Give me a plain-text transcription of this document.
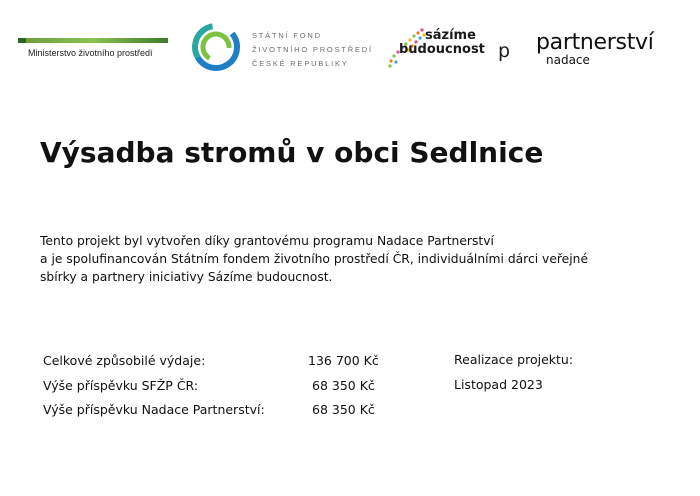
Ministerstvo životního prostředí
STÁTNÍ FOND
ŽIVOTNÍHO PROSTŘEDÍ
ČESKÉ REPUBLIKY
sázíme
budoucnost p partnerství
nadace
Výsadba stromů v obci Sedlnice

Tento projekt byl vytvořen díky grantovému programu Nadace Partnerství
a je spolufinancován Státním fondem životního prostředí ČR, individuálními dárci veřejné
sbírky a partnery iniciativy Sázíme budoucnost.

Celkové způsobilé výdaje:	136 700 Kč
Výše příspěvku SFŽP ČR:	68 350 Kč
Výše příspěvku Nadace Partnerství:	68 350 Kč
Realizace projektu:
Listopad 2023
